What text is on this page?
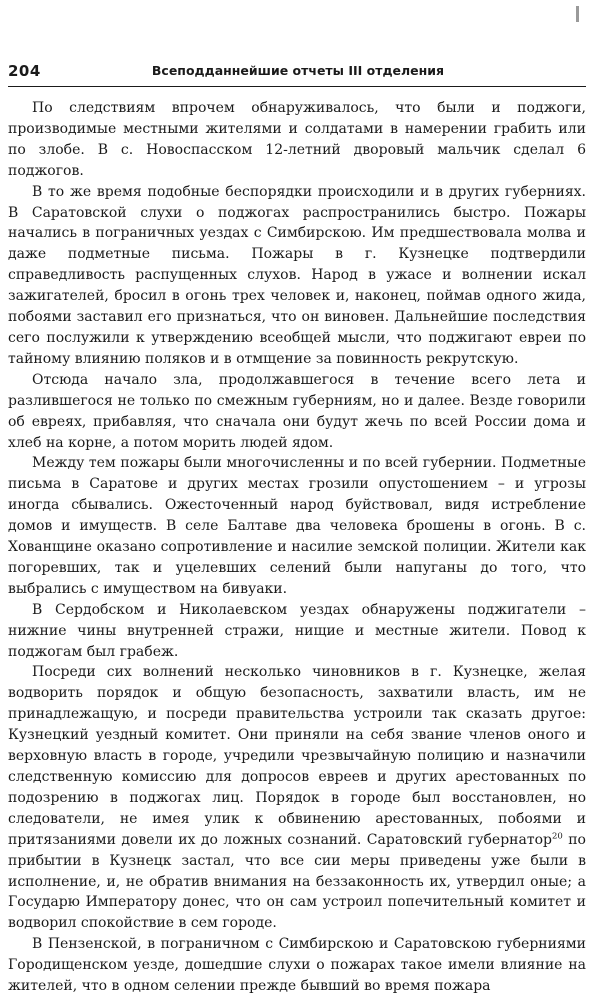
204	Всеподданнейшие отчеты III отделения

По следствиям впрочем обнаруживалось, что были и поджоги, производимые местными жителями и солдатами в намерении грабить или по злобе. В с. Новоспасском 12-летний дворовый мальчик сделал 6 поджогов.

В то же время подобные беспорядки происходили и в других губерниях. В Саратовской слухи о поджогах распространились быстро. Пожары начались в пограничных уездах с Симбирскою. Им предшествовала молва и даже подметные письма. Пожары в г. Кузнецке подтвердили справедливость распущенных слухов. Народ в ужасе и волнении искал зажигателей, бросил в огонь трех человек и, наконец, поймав одного жида, побоями заставил его признаться, что он виновен. Дальнейшие последствия сего послужили к утверждению всеобщей мысли, что поджигают евреи по тайному влиянию поляков и в отмщение за повинность рекрутскую.

Отсюда начало зла, продолжавшегося в течение всего лета и разлившегося не только по смежным губерниям, но и далее. Везде говорили об евреях, прибавляя, что сначала они будут жечь по всей России дома и хлеб на корне, а потом морить людей ядом.

Между тем пожары были многочисленны и по всей губернии. Подметные письма в Саратове и других местах грозили опустошением – и угрозы иногда сбывались. Ожесточенный народ буйствовал, видя истребление домов и имуществ. В селе Балтаве два человека брошены в огонь. В с. Хованщине оказано сопротивление и насилие земской полиции. Жители как погоревших, так и уцелевших селений были напуганы до того, что выбрались с имуществом на бивуаки.

В Сердобском и Николаевском уездах обнаружены поджигатели – нижние чины внутренней стражи, нищие и местные жители. Повод к поджогам был грабеж.

Посреди сих волнений несколько чиновников в г. Кузнецке, желая водворить порядок и общую безопасность, захватили власть, им не принадлежащую, и посреди правительства устроили так сказать другое: Кузнецкий уездный комитет. Они приняли на себя звание членов оного и верховную власть в городе, учредили чрезвычайную полицию и назначили следственную комиссию для допросов евреев и других арестованных по подозрению в поджогах лиц. Порядок в городе был восстановлен, но следователи, не имея улик к обвинению арестованных, побоями и притязаниями довели их до ложных сознаний. Саратовский губернатор$^{20}$ по прибытии в Кузнецк застал, что все сии меры приведены уже были в исполнение, и, не обратив внимания на беззаконность их, утвердил оные; а Государю Императору донес, что он сам устроил попечительный комитет и водворил спокойствие в сем городе.

В Пензенской, в пограничном с Симбирскою и Саратовскою губерниями Городищенском уезде, дошедшие слухи о пожарах такое имели влияние на жителей, что в одном селении прежде бывший во время пожара
